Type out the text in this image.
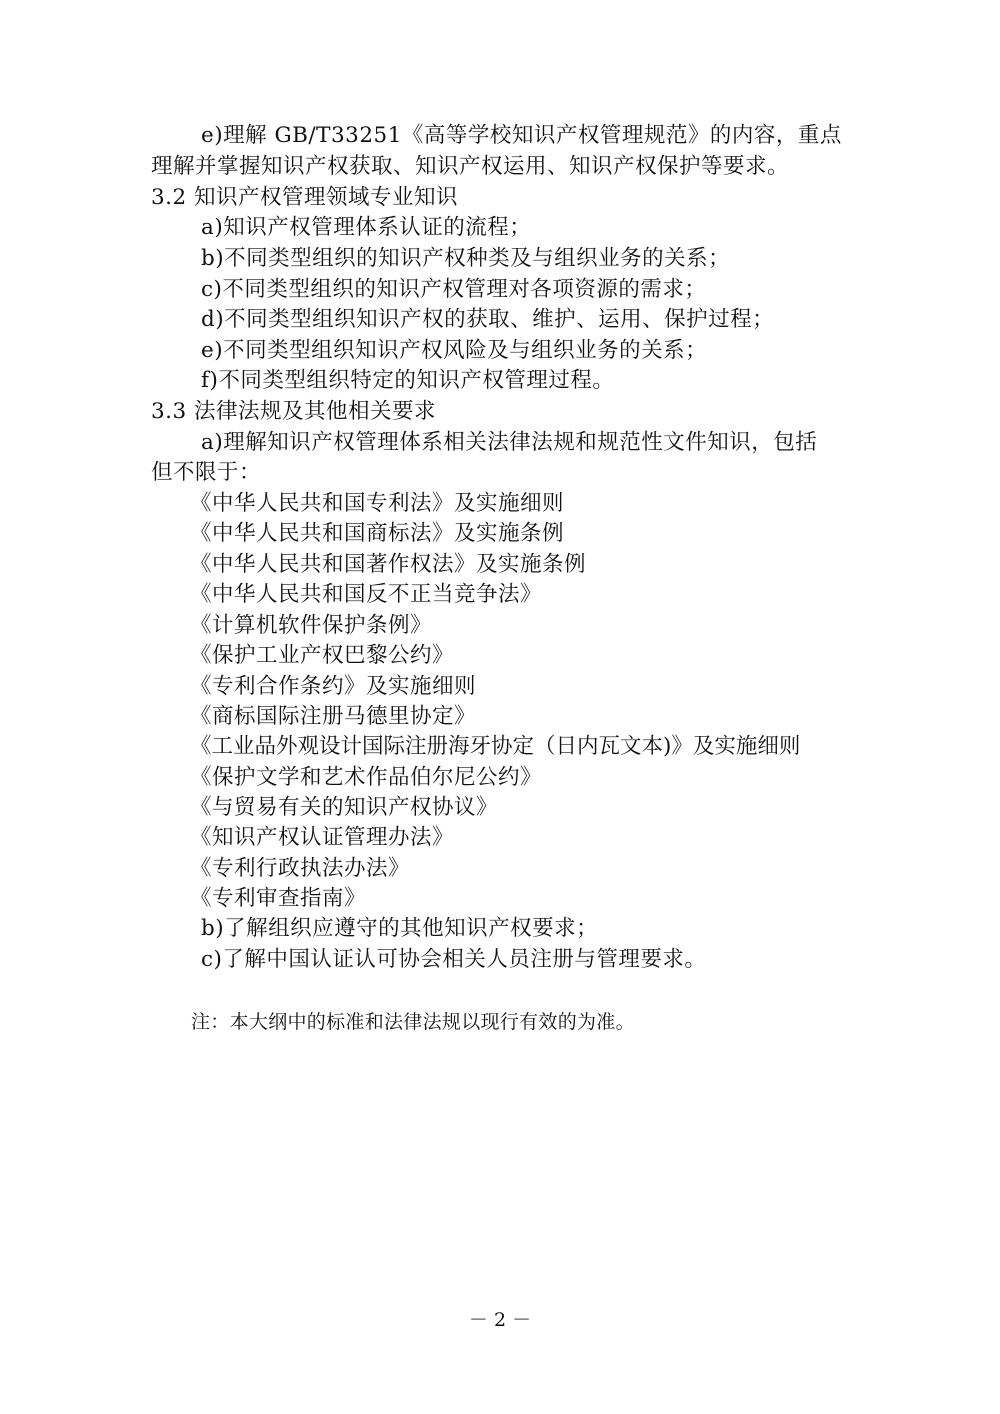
e)理解 GB/T33251《高等学校知识产权管理规范》的内容，重点
理解并掌握知识产权获取、知识产权运用、知识产权保护等要求。
3.2 知识产权管理领域专业知识
a)知识产权管理体系认证的流程；
b)不同类型组织的知识产权种类及与组织业务的关系；
c)不同类型组织的知识产权管理对各项资源的需求；
d)不同类型组织知识产权的获取、维护、运用、保护过程；
e)不同类型组织知识产权风险及与组织业务的关系；
f)不同类型组织特定的知识产权管理过程。
3.3 法律法规及其他相关要求
a)理解知识产权管理体系相关法律法规和规范性文件知识，包括
但不限于：
《中华人民共和国专利法》及实施细则
《中华人民共和国商标法》及实施条例
《中华人民共和国著作权法》及实施条例
《中华人民共和国反不正当竞争法》
《计算机软件保护条例》
《保护工业产权巴黎公约》
《专利合作条约》及实施细则
《商标国际注册马德里协定》
《工业品外观设计国际注册海牙协定（日内瓦文本)》及实施细则
《保护文学和艺术作品伯尔尼公约》
《与贸易有关的知识产权协议》
《知识产权认证管理办法》
《专利行政执法办法》
《专利审查指南》
b)了解组织应遵守的其他知识产权要求；
c)了解中国认证认可协会相关人员注册与管理要求。
注：本大纲中的标准和法律法规以现行有效的为准。
－ 2 －
